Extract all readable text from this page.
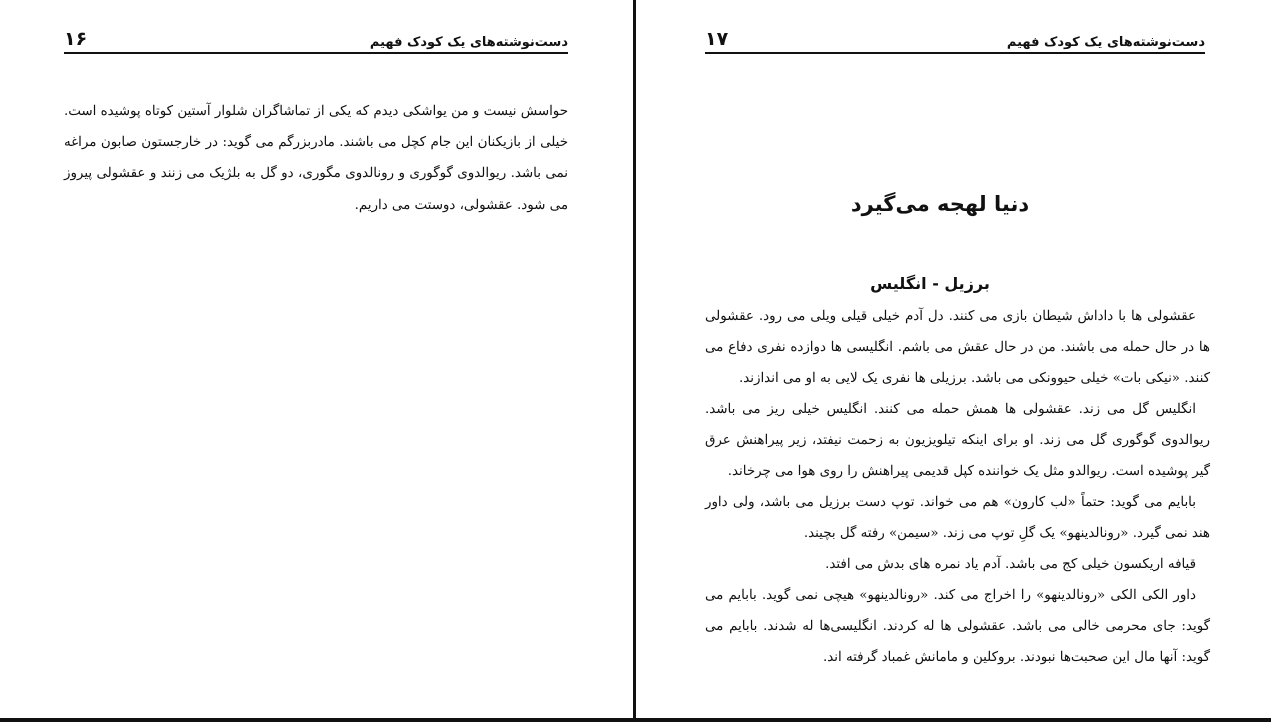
دست‌نوشته‌های یک کودک فهیم
۱۶

حواسش نیست و من یواشکی دیدم که یکی از تماشاگران شلوار آستین کوتاه پوشیده است. خیلی از بازیکنان این جام کچل می باشند. مادربزرگم می گوید: در خارجستون صابون مراغه نمی باشد. ریوالدوی گوگوری و رونالدوی مگوری، دو گل به بلژیک می زنند و عقشولی پیروز می شود. عقشولی، دوستت می داریم.

دست‌نوشته‌های یک کودک فهیم
۱۷
دنیا لهجه می‌گیرد
برزیل - انگلیس

عقشولی ها با داداش شیطان بازی می کنند. دل آدم خیلی قیلی ویلی می رود. عقشولی ها در حال حمله می باشند. من در حال عقش می باشم. انگلیسی ها دوازده نفری دفاع می کنند. «نیکی بات» خیلی حیوونکی می باشد. برزیلی ها نفری یک لایی به او می اندازند.

انگلیس گل می زند. عقشولی ها همش حمله می کنند. انگلیس خیلی ریز می باشد. ریوالدوی گوگوری گل می زند. او برای اینکه تیلویزیون به زحمت نیفتد، زیر پیراهنش عرق گیر پوشیده است. ریوالدو مثل یک خواننده کپل قدیمی پیراهنش را روی هوا می چرخاند.

بابایم می گوید: حتماً «لب کارون» هم می خواند. توپ دست برزیل می باشد، ولی داور هند نمی گیرد. «رونالدینهو» یک گلِ توپ می زند. «سیمن» رفته گل بچیند.

قیافه اریکسون خیلی کج می باشد. آدم یاد نمره های بدش می افتد.

داور الکی الکی «رونالدینهو» را اخراج می کند. «رونالدینهو» هیچی نمی گوید. بابایم می گوید: جای محرمی خالی می باشد. عقشولی ها له کردند. انگلیسی‌ها له شدند. بابایم می گوید: آنها مال این صحبت‌ها نبودند. بروکلین و مامانش غمباد گرفته اند.
